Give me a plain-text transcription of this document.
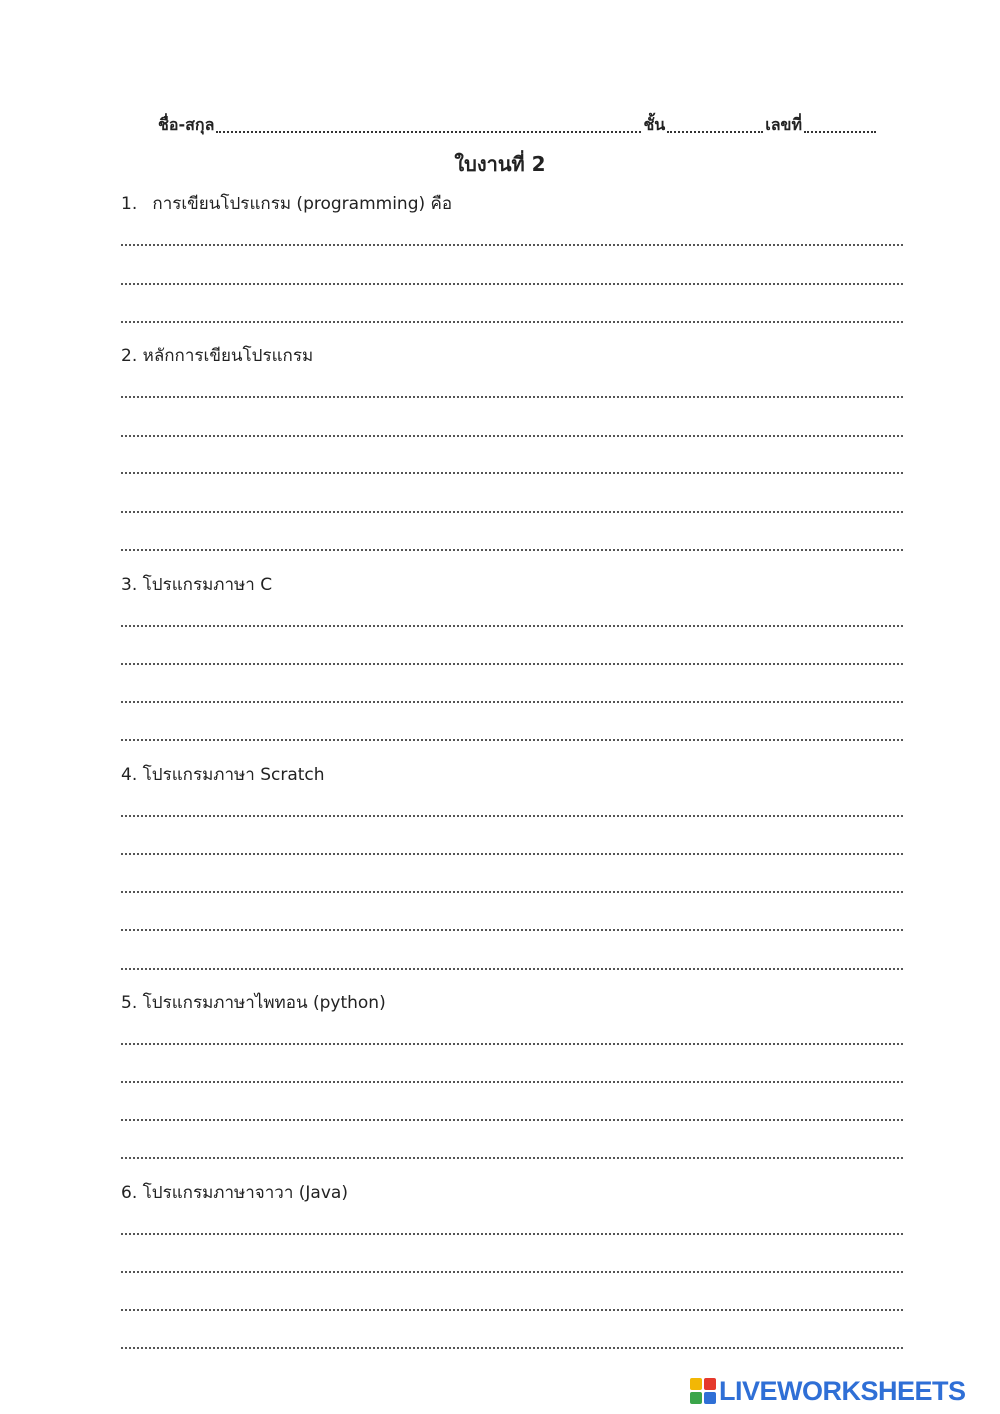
ชื่อ-สกุล	ชั้น	เลขที่
ใบงานที่ 2
1. การเขียนโปรแกรม (programming) คือ
2. หลักการเขียนโปรแกรม
3. โปรแกรมภาษา C
4. โปรแกรมภาษา Scratch
5. โปรแกรมภาษาไพทอน (python)
6. โปรแกรมภาษาจาวา (Java)
LIVEWORKSHEETS
